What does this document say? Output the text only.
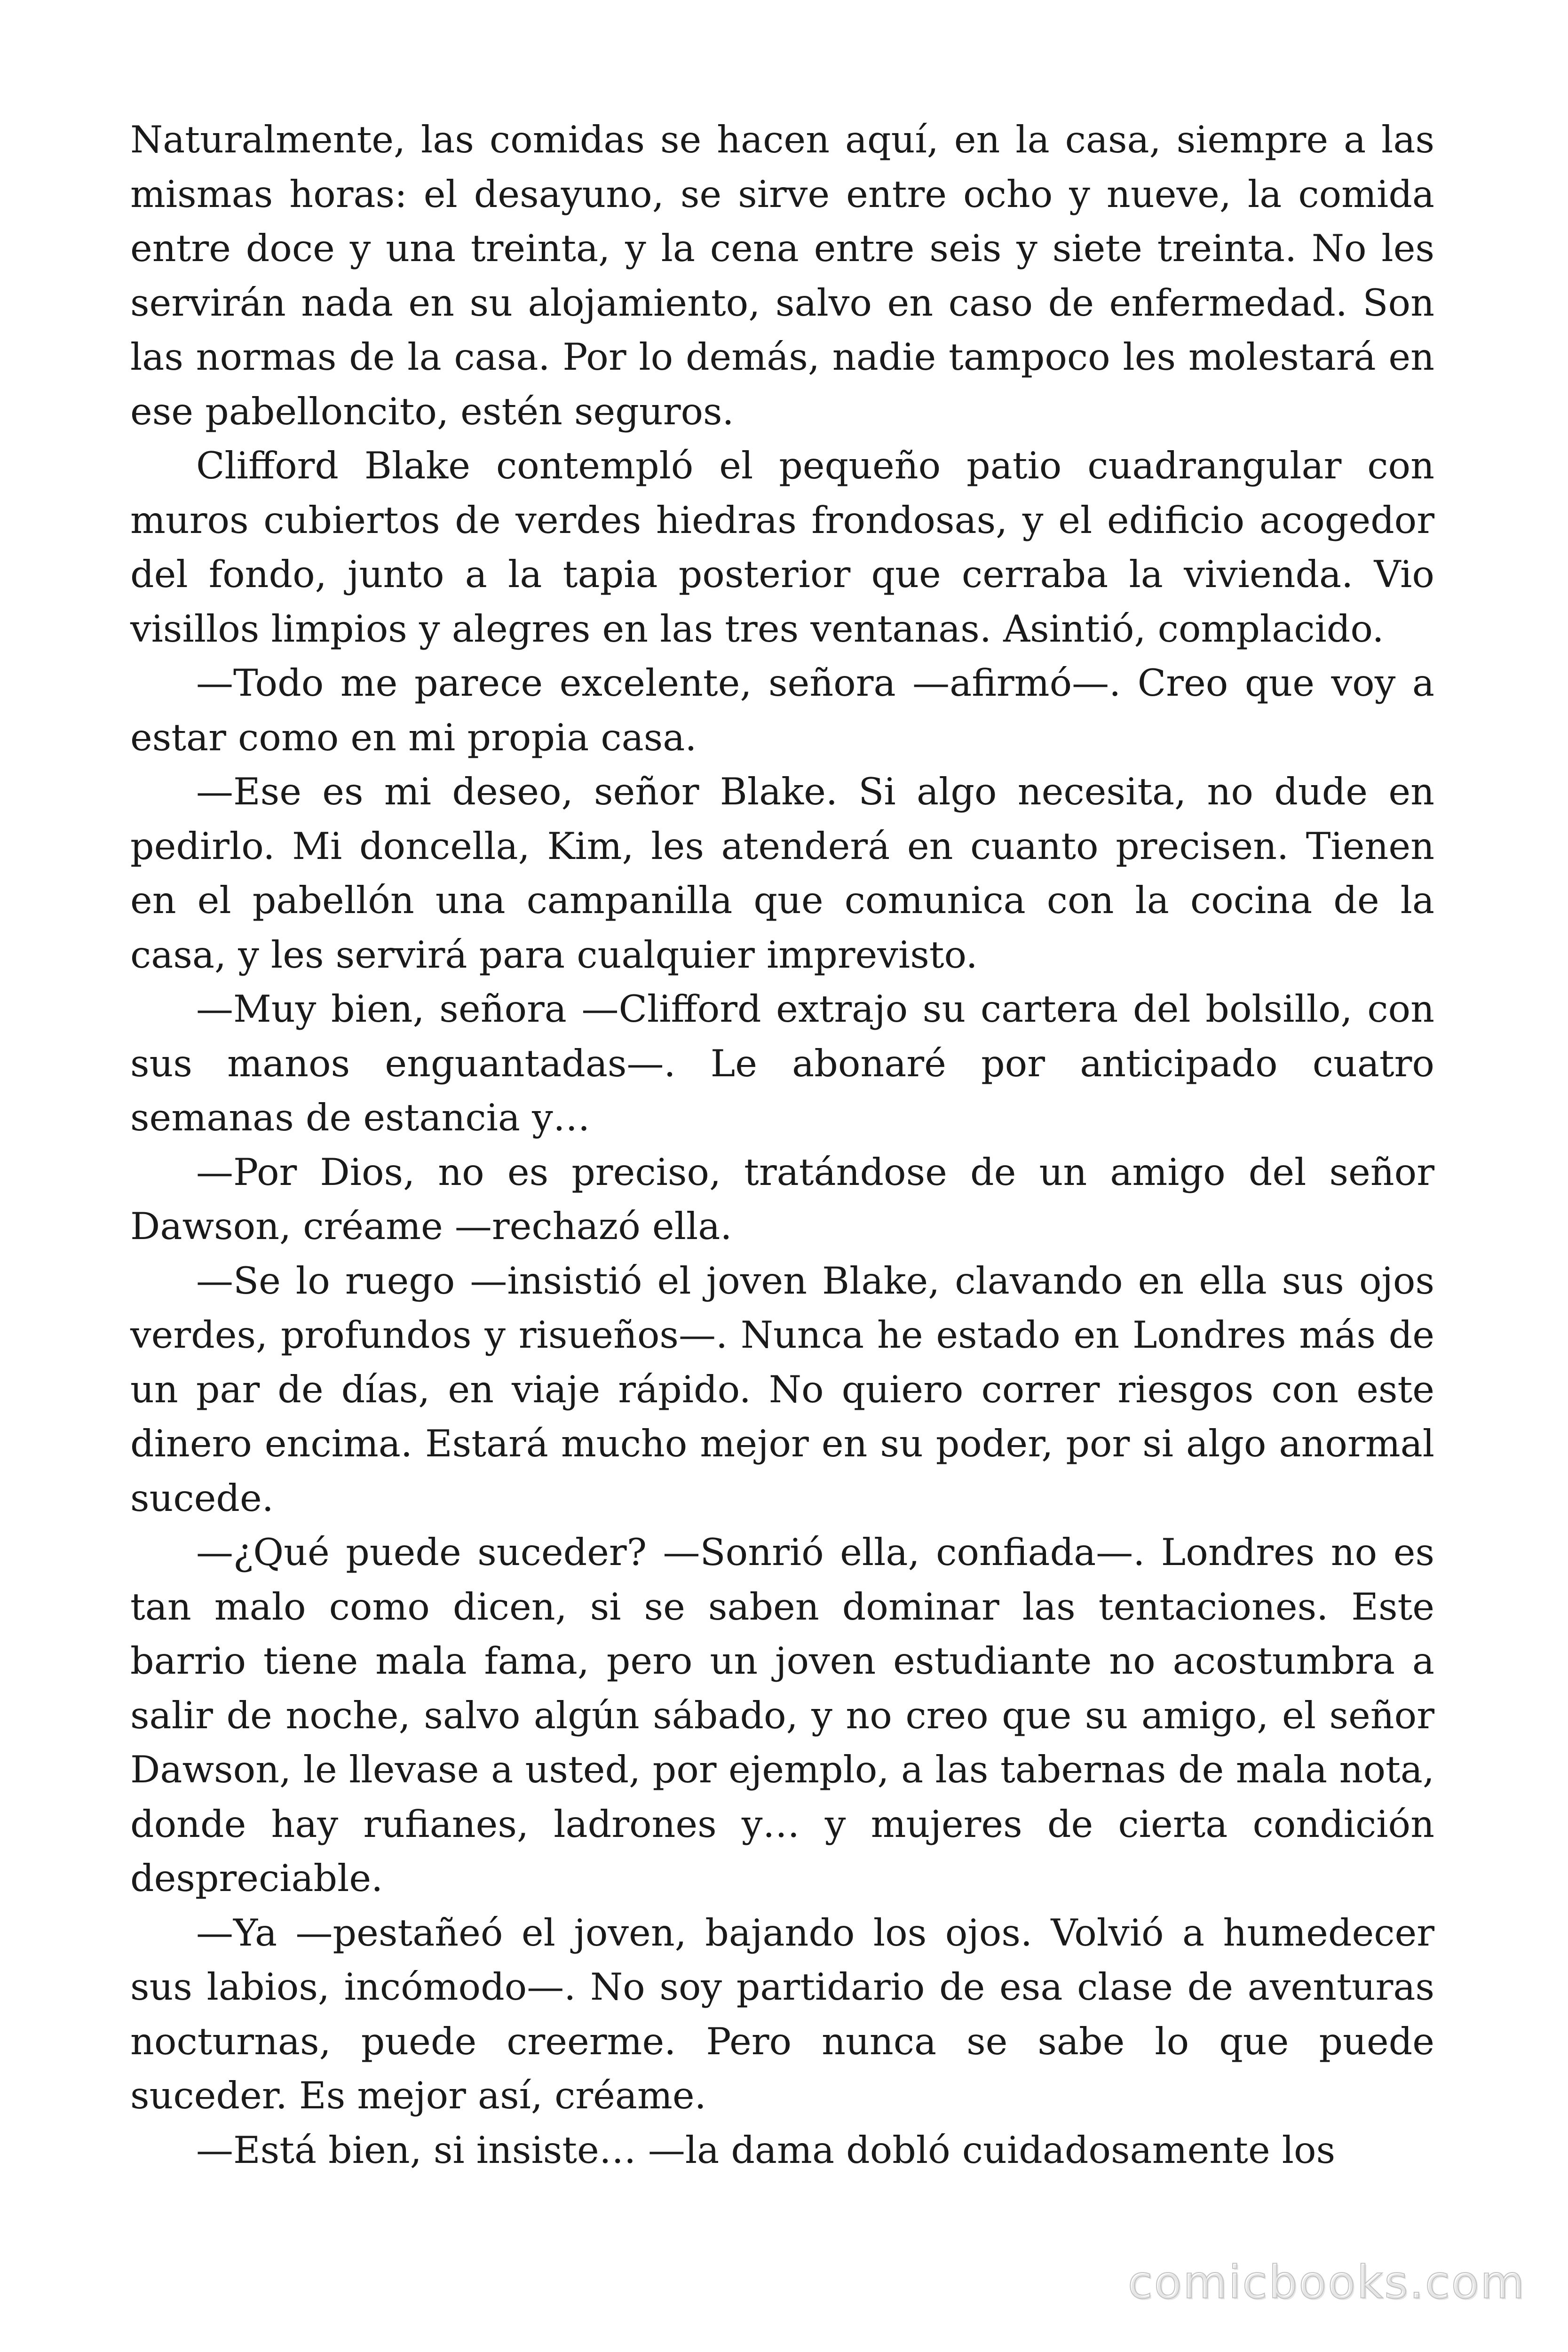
Naturalmente, las comidas se hacen aquí, en la casa, siempre a las mismas horas: el desayuno, se sirve entre ocho y nueve, la comida entre doce y una treinta, y la cena entre seis y siete treinta. No les servirán nada en su alojamiento, salvo en caso de enfermedad. Son las normas de la casa. Por lo demás, nadie tampoco les molestará en ese pabelloncito, estén seguros.

Clifford Blake contempló el pequeño patio cuadrangular con muros cubiertos de verdes hiedras frondosas, y el edificio acogedor del fondo, junto a la tapia posterior que cerraba la vivienda. Vio visillos limpios y alegres en las tres ventanas. Asintió, complacido.

—Todo me parece excelente, señora —afirmó—. Creo que voy a estar como en mi propia casa.

—Ese es mi deseo, señor Blake. Si algo necesita, no dude en pedirlo. Mi doncella, Kim, les atenderá en cuanto precisen. Tienen en el pabellón una campanilla que comunica con la cocina de la casa, y les servirá para cualquier imprevisto.

—Muy bien, señora —Clifford extrajo su cartera del bolsillo, con sus manos enguantadas—. Le abonaré por anticipado cuatro semanas de estancia y…

—Por Dios, no es preciso, tratándose de un amigo del señor Dawson, créame —rechazó ella.

—Se lo ruego —insistió el joven Blake, clavando en ella sus ojos verdes, profundos y risueños—. Nunca he estado en Londres más de un par de días, en viaje rápido. No quiero correr riesgos con este dinero encima. Estará mucho mejor en su poder, por si algo anormal sucede.

—¿Qué puede suceder? —Sonrió ella, confiada—. Londres no es tan malo como dicen, si se saben dominar las tentaciones. Este barrio tiene mala fama, pero un joven estudiante no acostumbra a salir de noche, salvo algún sábado, y no creo que su amigo, el señor Dawson, le llevase a usted, por ejemplo, a las tabernas de mala nota, donde hay rufianes, ladrones y… y mujeres de cierta condición despreciable.

—Ya —pestañeó el joven, bajando los ojos. Volvió a humedecer sus labios, incómodo—. No soy partidario de esa clase de aventuras nocturnas, puede creerme. Pero nunca se sabe lo que puede suceder. Es mejor así, créame.

—Está bien, si insiste… —la dama dobló cuidadosamente los

comicbooks.com
